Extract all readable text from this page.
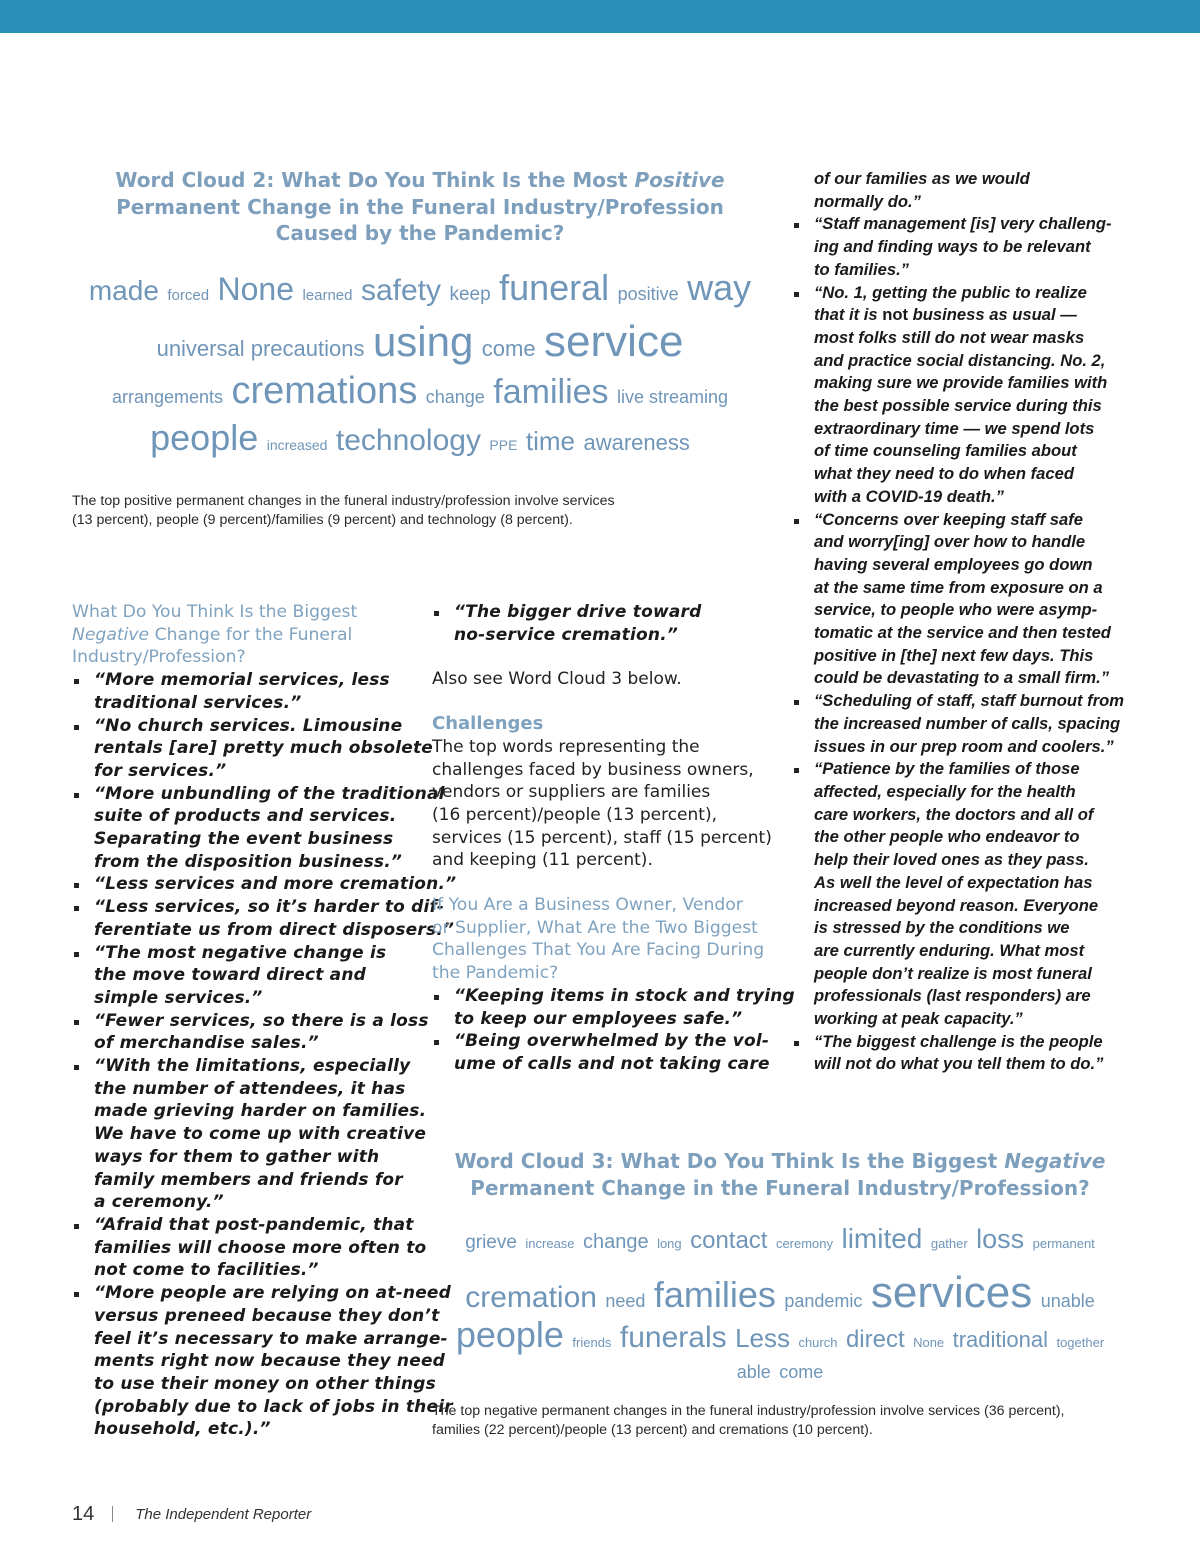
Word Cloud 2: What Do You Think Is the Most Positive
Permanent Change in the Funeral Industry/Profession
Caused by the Pandemic?
made forced None learned safety keep funeral positive way
universal precautions using come service
arrangements cremations change families live streaming
people increased technology PPE time awareness
The top positive permanent changes in the funeral industry/profession involve services
(13 percent), people (9 percent)/families (9 percent) and technology (8 percent).
What Do You Think Is the Biggest
Negative Change for the Funeral
Industry/Profession?
“More memorial services, less
traditional services.”
“No church services. Limousine
rentals [are] pretty much obsolete
for services.”
“More unbundling of the traditional
suite of products and services.
Separating the event business
from the disposition business.”
“Less services and more cremation.”
“Less services, so it’s harder to dif-
ferentiate us from direct disposers.”
“The most negative change is
the move toward direct and
simple services.”
“Fewer services, so there is a loss
of merchandise sales.”
“With the limitations, especially
the number of attendees, it has
made grieving harder on families.
We have to come up with creative
ways for them to gather with
family members and friends for
a ceremony.”
“Afraid that post-pandemic, that
families will choose more often to
not come to facilities.”
“More people are relying on at-need
versus preneed because they don’t
feel it’s necessary to make arrange-
ments right now because they need
to use their money on other things
(probably due to lack of jobs in their
household, etc.).”
“The bigger drive toward
no-service cremation.”
Also see Word Cloud 3 below.
Challenges
The top words representing the
challenges faced by business owners,
vendors or suppliers are families
(16 percent)/people (13 percent),
services (15 percent), staff (15 percent)
and keeping (11 percent).
If You Are a Business Owner, Vendor
or Supplier, What Are the Two Biggest
Challenges That You Are Facing During
the Pandemic?
“Keeping items in stock and trying
to keep our employees safe.”
“Being overwhelmed by the vol-
ume of calls and not taking care
of our families as we would
normally do.”
“Staff management [is] very challeng-
ing and finding ways to be relevant
to families.”
“No. 1, getting the public to realize
that it is not business as usual —
most folks still do not wear masks
and practice social distancing. No. 2,
making sure we provide families with
the best possible service during this
extraordinary time — we spend lots
of time counseling families about
what they need to do when faced
with a COVID-19 death.”
“Concerns over keeping staff safe
and worry[ing] over how to handle
having several employees go down
at the same time from exposure on a
service, to people who were asymp-
tomatic at the service and then tested
positive in [the] next few days. This
could be devastating to a small firm.”
“Scheduling of staff, staff burnout from
the increased number of calls, spacing
issues in our prep room and coolers.”
“Patience by the families of those
affected, especially for the health
care workers, the doctors and all of
the other people who endeavor to
help their loved ones as they pass.
As well the level of expectation has
increased beyond reason. Everyone
is stressed by the conditions we
are currently enduring. What most
people don’t realize is most funeral
professionals (last responders) are
working at peak capacity.”
“The biggest challenge is the people
will not do what you tell them to do.”
Word Cloud 3: What Do You Think Is the Biggest Negative
Permanent Change in the Funeral Industry/Profession?
grieve increase change long contact ceremony limited gather loss permanent
cremation need families pandemic services unable
people friends funerals Less church direct None traditional together
able come
The top negative permanent changes in the funeral industry/profession involve services (36 percent),
families (22 percent)/people (13 percent) and cremations (10 percent).
14	The Independent Reporter
